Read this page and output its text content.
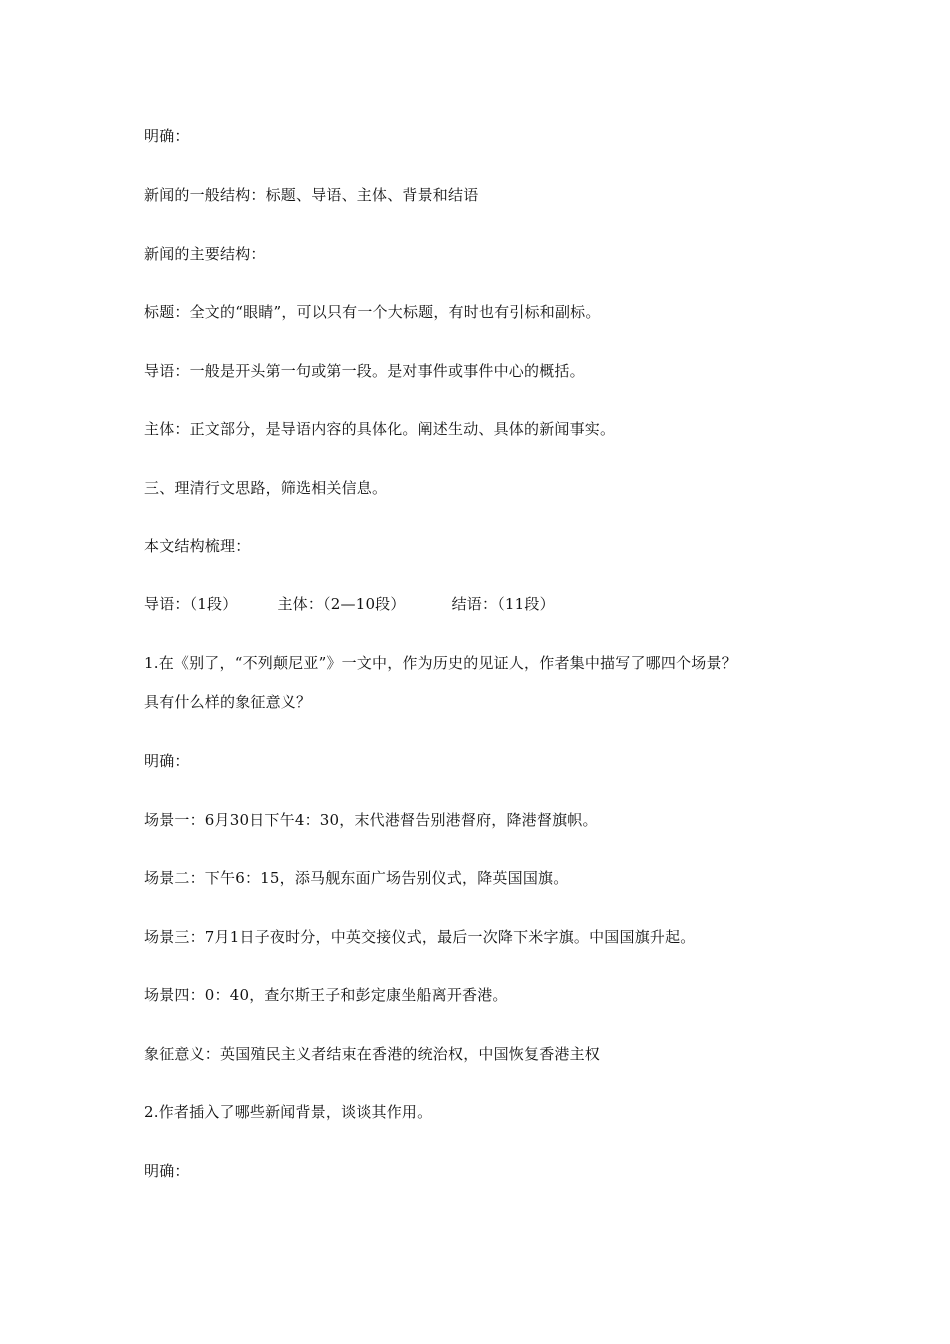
明确：
新闻的一般结构：标题、导语、主体、背景和结语
新闻的主要结构：
标题：全文的“眼睛”，可以只有一个大标题，有时也有引标和副标。
导语：一般是开头第一句或第一段。是对事件或事件中心的概括。
主体：正文部分，是导语内容的具体化。阐述生动、具体的新闻事实。
三、理清行文思路，筛选相关信息。
本文结构梳理：
导语：（1段）	主体：（2—10段）	结语：（11段）
1.在《别了，“不列颠尼亚”》一文中，作为历史的见证人，作者集中描写了哪四个场景？
具有什么样的象征意义？
明确：
场景一：6月30日下午4：30，末代港督告别港督府，降港督旗帜。
场景二：下午6：15，添马舰东面广场告别仪式，降英国国旗。
场景三：7月1日子夜时分，中英交接仪式，最后一次降下米字旗。中国国旗升起。
场景四：0：40，查尔斯王子和彭定康坐船离开香港。
象征意义：英国殖民主义者结束在香港的统治权，中国恢复香港主权
2.作者插入了哪些新闻背景，谈谈其作用。
明确：
